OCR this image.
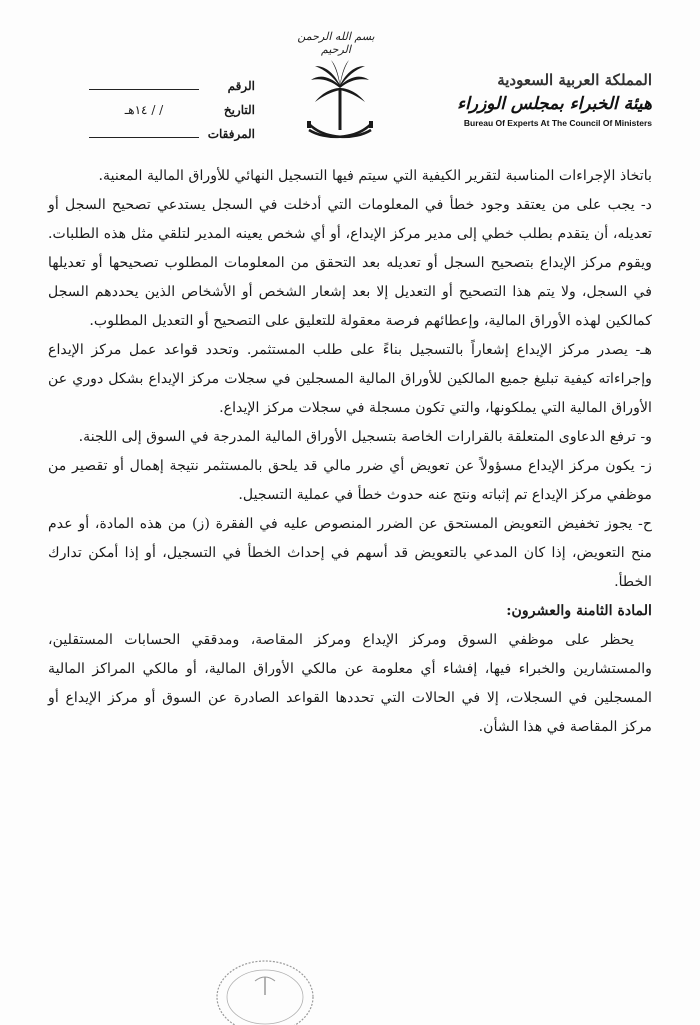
بسم الله الرحمن الرحيم
المملكة العربية السعودية
هيئة الخبراء بمجلس الوزراء
Bureau Of Experts At The Council Of Ministers
الرقم
التاريخ
/ / ١٤هـ
المرفقات

باتخاذ الإجراءات المناسبة لتقرير الكيفية التي سيتم فيها التسجيل النهائي للأوراق المالية المعنية.

د- يجب على من يعتقد وجود خطأ في المعلومات التي أدخلت في السجل يستدعي تصحيح السجل أو تعديله، أن يتقدم بطلب خطي إلى مدير مركز الإيداع، أو أي شخص يعينه المدير لتلقي مثل هذه الطلبات. ويقوم مركز الإيداع بتصحيح السجل أو تعديله بعد التحقق من المعلومات المطلوب تصحيحها أو تعديلها في السجل، ولا يتم هذا التصحيح أو التعديل إلا بعد إشعار الشخص أو الأشخاص الذين يحددهم السجل كمالكين لهذه الأوراق المالية، وإعطائهم فرصة معقولة للتعليق على التصحيح أو التعديل المطلوب.

هـ- يصدر مركز الإيداع إشعاراً بالتسجيل بناءً على طلب المستثمر. وتحدد قواعد عمل مركز الإيداع وإجراءاته كيفية تبليغ جميع المالكين للأوراق المالية المسجلين في سجلات مركز الإيداع بشكل دوري عن الأوراق المالية التي يملكونها، والتي تكون مسجلة في سجلات مركز الإيداع.

و- ترفع الدعاوى المتعلقة بالقرارات الخاصة بتسجيل الأوراق المالية المدرجة في السوق إلى اللجنة.

ز- يكون مركز الإيداع مسؤولاً عن تعويض أي ضرر مالي قد يلحق بالمستثمر نتيجة إهمال أو تقصير من موظفي مركز الإيداع تم إثباته ونتج عنه حدوث خطأ في عملية التسجيل.

ح- يجوز تخفيض التعويض المستحق عن الضرر المنصوص عليه في الفقرة (ز) من هذه المادة، أو عدم منح التعويض، إذا كان المدعي بالتعويض قد أسهم في إحداث الخطأ في التسجيل، أو إذا أمكن تدارك الخطأ.

المادة الثامنة والعشرون:

يحظر على موظفي السوق ومركز الإيداع ومركز المقاصة، ومدققي الحسابات المستقلين، والمستشارين والخبراء فيها، إفشاء أي معلومة عن مالكي الأوراق المالية، أو مالكي المراكز المالية المسجلين في السجلات، إلا في الحالات التي تحددها القواعد الصادرة عن السوق أو مركز الإيداع أو مركز المقاصة في هذا الشأن.
